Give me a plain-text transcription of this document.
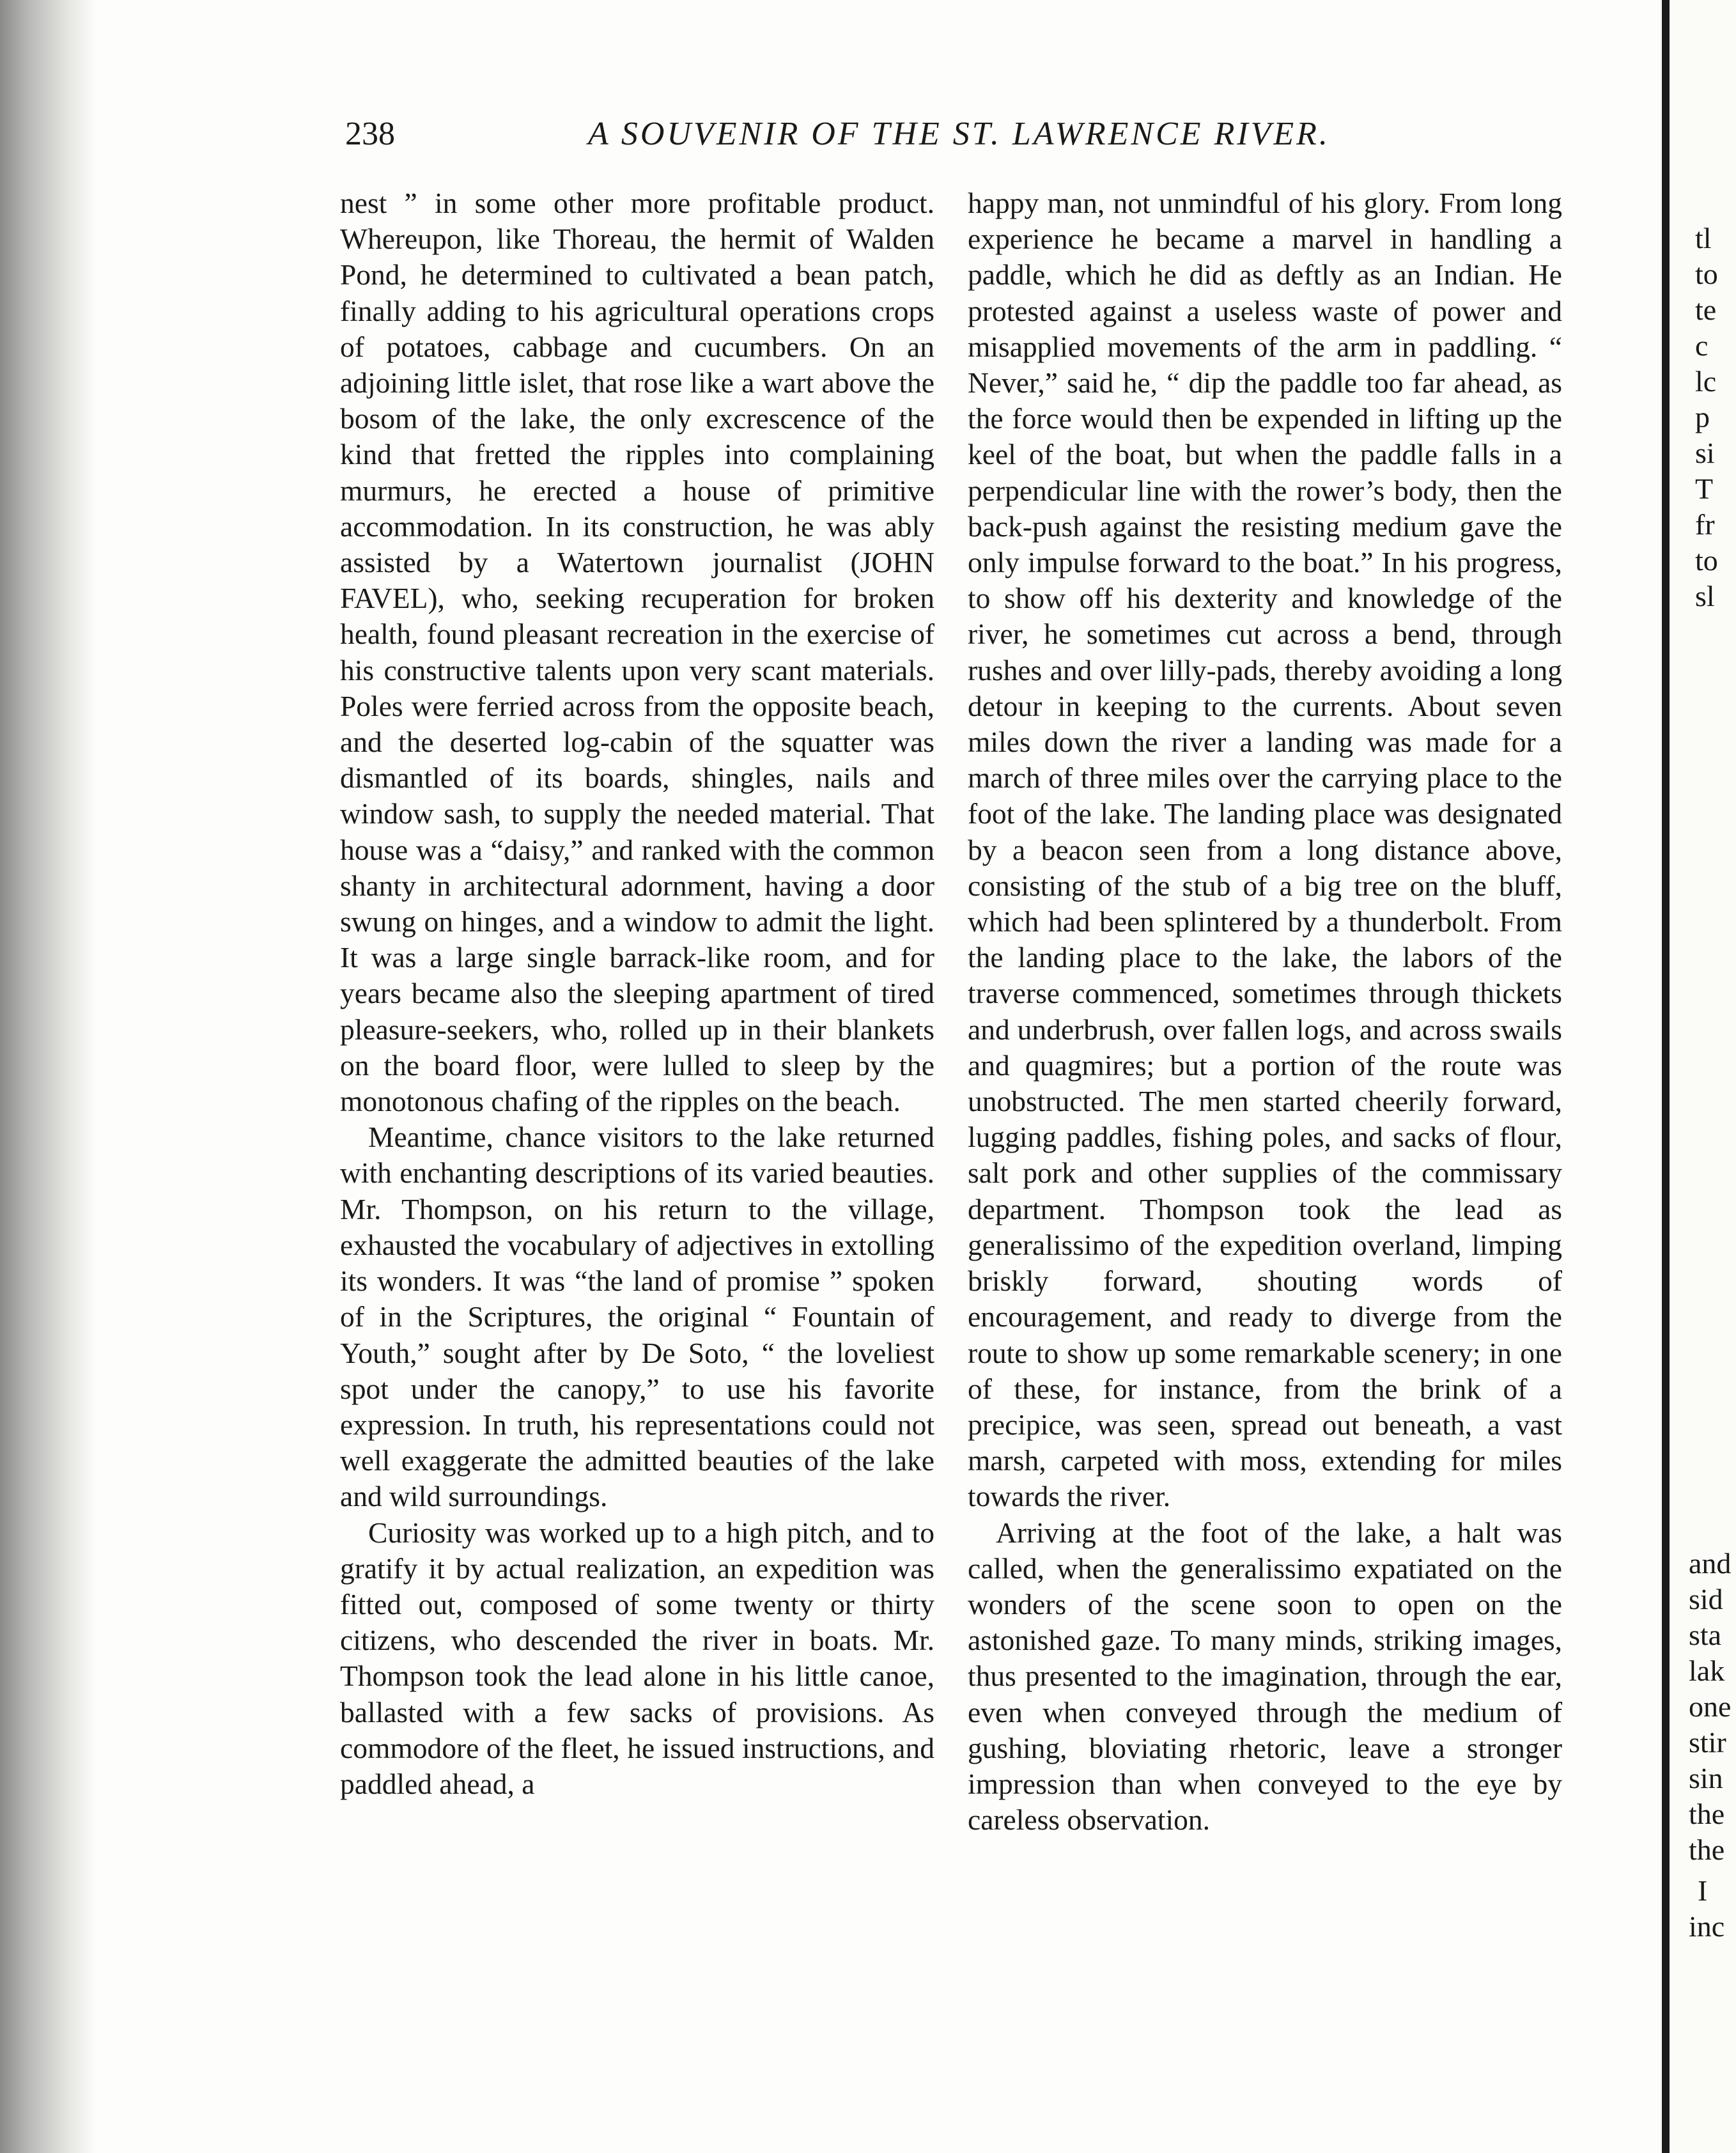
238	A SOUVENIR OF THE ST. LAWRENCE RIVER.

nest ” in some other more profitable product. Whereupon, like Thoreau, the hermit of Walden Pond, he determined to cultivated a bean patch, finally adding to his agricultural operations crops of potatoes, cabbage and cucumbers. On an adjoining little islet, that rose like a wart above the bosom of the lake, the only excrescence of the kind that fretted the ripples into complaining murmurs, he erected a house of primitive accommodation. In its construction, he was ably assisted by a Watertown journalist (JOHN FAVEL), who, seeking recuperation for broken health, found pleasant recreation in the exercise of his constructive talents upon very scant materials. Poles were ferried across from the opposite beach, and the deserted log-cabin of the squatter was dismantled of its boards, shingles, nails and window sash, to supply the needed material. That house was a “daisy,” and ranked with the common shanty in architectural adornment, having a door swung on hinges, and a window to admit the light. It was a large single barrack-like room, and for years became also the sleeping apartment of tired pleasure-seekers, who, rolled up in their blankets on the board floor, were lulled to sleep by the monotonous chafing of the ripples on the beach.

Meantime, chance visitors to the lake returned with enchanting descriptions of its varied beauties. Mr. Thompson, on his return to the village, exhausted the vocabulary of adjectives in extolling its wonders. It was “the land of promise ” spoken of in the Scriptures, the original “ Fountain of Youth,” sought after by De Soto, “ the loveliest spot under the canopy,” to use his favorite expression. In truth, his representations could not well exaggerate the admitted beauties of the lake and wild surroundings.

Curiosity was worked up to a high pitch, and to gratify it by actual realization, an expedition was fitted out, composed of some twenty or thirty citizens, who descended the river in boats. Mr. Thompson took the lead alone in his little canoe, ballasted with a few sacks of provisions. As commodore of the fleet, he issued instructions, and paddled ahead, a

happy man, not unmindful of his glory. From long experience he became a marvel in handling a paddle, which he did as deftly as an Indian. He protested against a useless waste of power and misapplied movements of the arm in paddling. “ Never,” said he, “ dip the paddle too far ahead, as the force would then be expended in lifting up the keel of the boat, but when the paddle falls in a perpendicular line with the rower’s body, then the back-push against the resisting medium gave the only impulse forward to the boat.” In his progress, to show off his dexterity and knowledge of the river, he sometimes cut across a bend, through rushes and over lilly-pads, thereby avoiding a long detour in keeping to the currents. About seven miles down the river a landing was made for a march of three miles over the carrying place to the foot of the lake. The landing place was designated by a beacon seen from a long distance above, consisting of the stub of a big tree on the bluff, which had been splintered by a thunderbolt. From the landing place to the lake, the labors of the traverse commenced, sometimes through thickets and underbrush, over fallen logs, and across swails and quagmires; but a portion of the route was unobstructed. The men started cheerily forward, lugging paddles, fishing poles, and sacks of flour, salt pork and other supplies of the commissary department. Thompson took the lead as generalissimo of the expedition overland, limping briskly forward, shouting words of encouragement, and ready to diverge from the route to show up some remarkable scenery; in one of these, for instance, from the brink of a precipice, was seen, spread out beneath, a vast marsh, carpeted with moss, extending for miles towards the river.

Arriving at the foot of the lake, a halt was called, when the generalissimo expatiated on the wonders of the scene soon to open on the astonished gaze. To many minds, striking images, thus presented to the imagination, through the ear, even when conveyed through the medium of gushing, bloviating rhetoric, leave a stronger impression than when conveyed to the eye by careless observation.

tl
to
te
c
lc
p
si
T
fr
to
sl
and
sid
sta
lak
one
stir
sin
the
the
I
inc
